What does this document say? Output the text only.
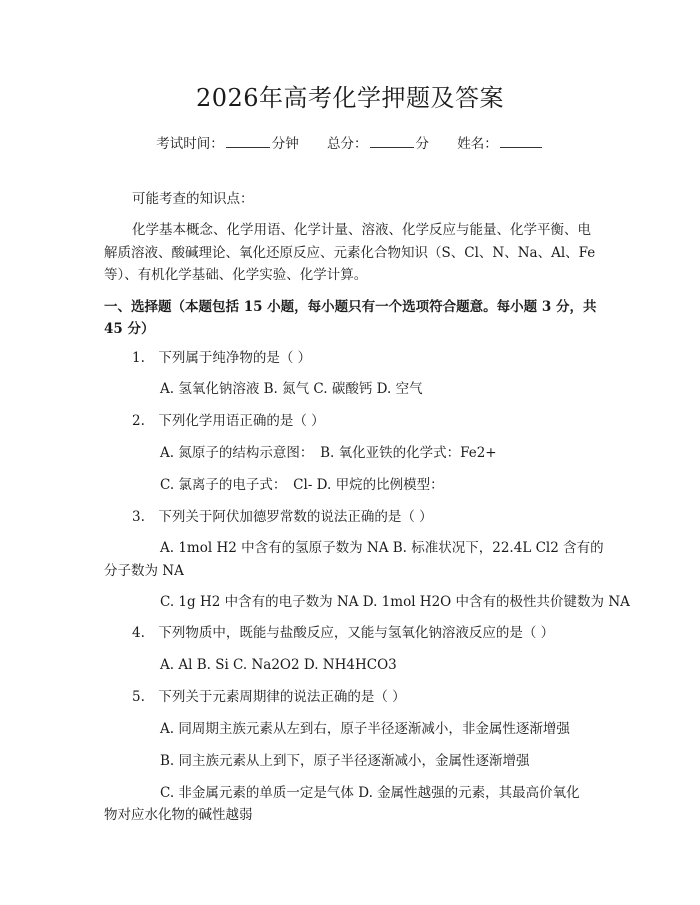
2026年高考化学押题及答案
考试时间：	分钟 总分：	分 姓名：
可能考查的知识点：
化学基本概念、化学用语、化学计量、溶液、化学反应与能量、化学平衡、电
解质溶液、酸碱理论、氧化还原反应、元素化合物知识（S、Cl、N、Na、Al、Fe
等）、有机化学基础、化学实验、化学计算。
一、选择题（本题包括 15 小题，每小题只有一个选项符合题意。每小题 3 分，共
45 分）
1.　下列属于纯净物的是（ ）
A. 氢氧化钠溶液 B. 氮气 C. 碳酸钙 D. 空气
2.　下列化学用语正确的是（ ）
A. 氮原子的结构示意图：　B. 氧化亚铁的化学式：Fe2+
C. 氯离子的电子式：　Cl- D. 甲烷的比例模型：
3.　下列关于阿伏加德罗常数的说法正确的是（ ）
A. 1mol H2 中含有的氢原子数为 NA B. 标准状况下，22.4L Cl2 含有的
分子数为 NA
C. 1g H2 中含有的电子数为 NA D. 1mol H2O 中含有的极性共价键数为 NA
4.　下列物质中，既能与盐酸反应，又能与氢氧化钠溶液反应的是（ ）
A. Al B. Si C. Na2O2 D. NH4HCO3
5.　下列关于元素周期律的说法正确的是（ ）
A. 同周期主族元素从左到右，原子半径逐渐减小，非金属性逐渐增强
B. 同主族元素从上到下，原子半径逐渐减小，金属性逐渐增强
C. 非金属元素的单质一定是气体 D. 金属性越强的元素，其最高价氧化
物对应水化物的碱性越弱
